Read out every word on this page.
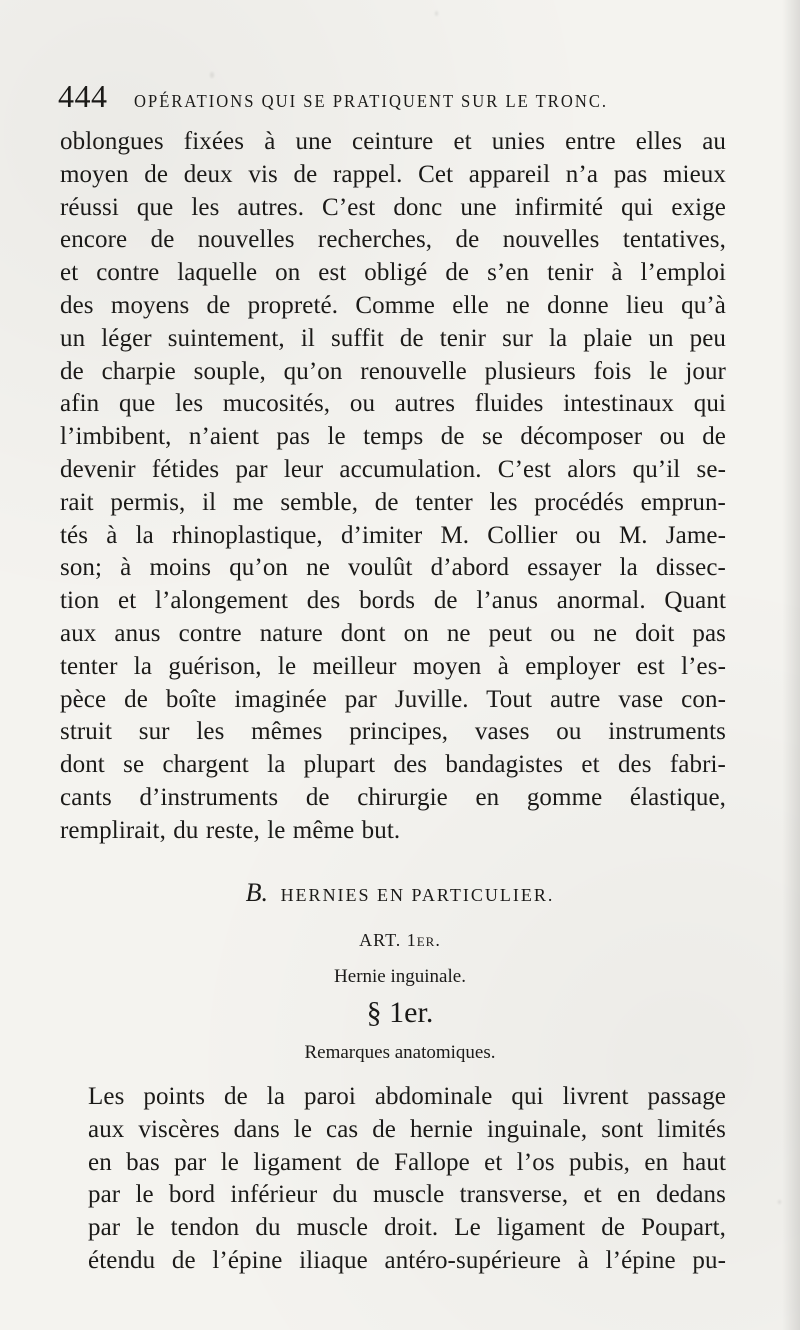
444 OPÉRATIONS QUI SE PRATIQUENT SUR LE TRONC.
oblongues fixées à une ceinture et unies entre elles au
moyen de deux vis de rappel. Cet appareil n’a pas mieux
réussi que les autres. C’est donc une infirmité qui exige
encore de nouvelles recherches, de nouvelles tentatives,
et contre laquelle on est obligé de s’en tenir à l’emploi
des moyens de propreté. Comme elle ne donne lieu qu’à
un léger suintement, il suffit de tenir sur la plaie un peu
de charpie souple, qu’on renouvelle plusieurs fois le jour
afin que les mucosités, ou autres fluides intestinaux qui
l’imbibent, n’aient pas le temps de se décomposer ou de
devenir fétides par leur accumulation. C’est alors qu’il se-
rait permis, il me semble, de tenter les procédés emprun-
tés à la rhinoplastique, d’imiter M. Collier ou M. Jame-
son; à moins qu’on ne voulût d’abord essayer la dissec-
tion et l’alongement des bords de l’anus anormal. Quant
aux anus contre nature dont on ne peut ou ne doit pas
tenter la guérison, le meilleur moyen à employer est l’es-
pèce de boîte imaginée par Juville. Tout autre vase con-
struit sur les mêmes principes, vases ou instruments
dont se chargent la plupart des bandagistes et des fabri-
cants d’instruments de chirurgie en gomme élastique,
remplirait, du reste, le même but.
B. HERNIES EN PARTICULIER.
ART. 1er.
Hernie inguinale.
§ 1er.
Remarques anatomiques.
Les points de la paroi abdominale qui livrent passage
aux viscères dans le cas de hernie inguinale, sont limités
en bas par le ligament de Fallope et l’os pubis, en haut
par le bord inférieur du muscle transverse, et en dedans
par le tendon du muscle droit. Le ligament de Poupart,
étendu de l’épine iliaque antéro-supérieure à l’épine pu-
